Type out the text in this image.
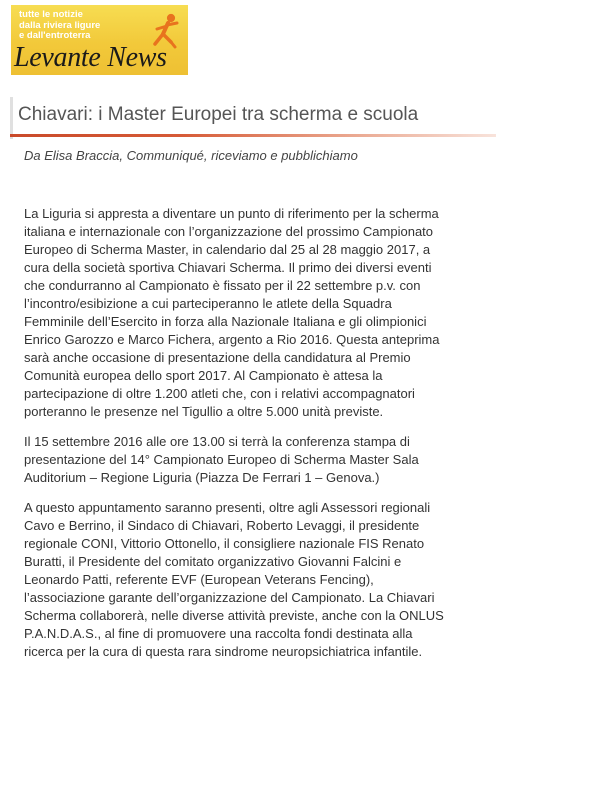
tutte le notizie
dalla riviera ligure
e dall'entroterra
Levante News
Chiavari: i Master Europei tra scherma e scuola
Da Elisa Braccia, Communiqué, riceviamo e pubblichiamo

La Liguria si appresta a diventare un punto di riferimento per la scherma
italiana e internazionale con l’organizzazione del prossimo Campionato
Europeo di Scherma Master, in calendario dal 25 al 28 maggio 2017, a
cura della società sportiva Chiavari Scherma. Il primo dei diversi eventi
che condurranno al Campionato è fissato per il 22 settembre p.v. con
l’incontro/esibizione a cui parteciperanno le atlete della Squadra
Femminile dell’Esercito in forza alla Nazionale Italiana e gli olimpionici
Enrico Garozzo e Marco Fichera, argento a Rio 2016. Questa anteprima
sarà anche occasione di presentazione della candidatura al Premio
Comunità europea dello sport 2017. Al Campionato è attesa la
partecipazione di oltre 1.200 atleti che, con i relativi accompagnatori
porteranno le presenze nel Tigullio a oltre 5.000 unità previste.

Il 15 settembre 2016 alle ore 13.00 si terrà la conferenza stampa di
presentazione del 14° Campionato Europeo di Scherma Master Sala
Auditorium – Regione Liguria (Piazza De Ferrari 1 – Genova.)

A questo appuntamento saranno presenti, oltre agli Assessori regionali
Cavo e Berrino, il Sindaco di Chiavari, Roberto Levaggi, il presidente
regionale CONI, Vittorio Ottonello, il consigliere nazionale FIS Renato
Buratti, il Presidente del comitato organizzativo Giovanni Falcini e
Leonardo Patti, referente EVF (European Veterans Fencing),
l’associazione garante dell’organizzazione del Campionato. La Chiavari
Scherma collaborerà, nelle diverse attività previste, anche con la ONLUS
P.A.N.D.A.S., al fine di promuovere una raccolta fondi destinata alla
ricerca per la cura di questa rara sindrome neuropsichiatrica infantile.
